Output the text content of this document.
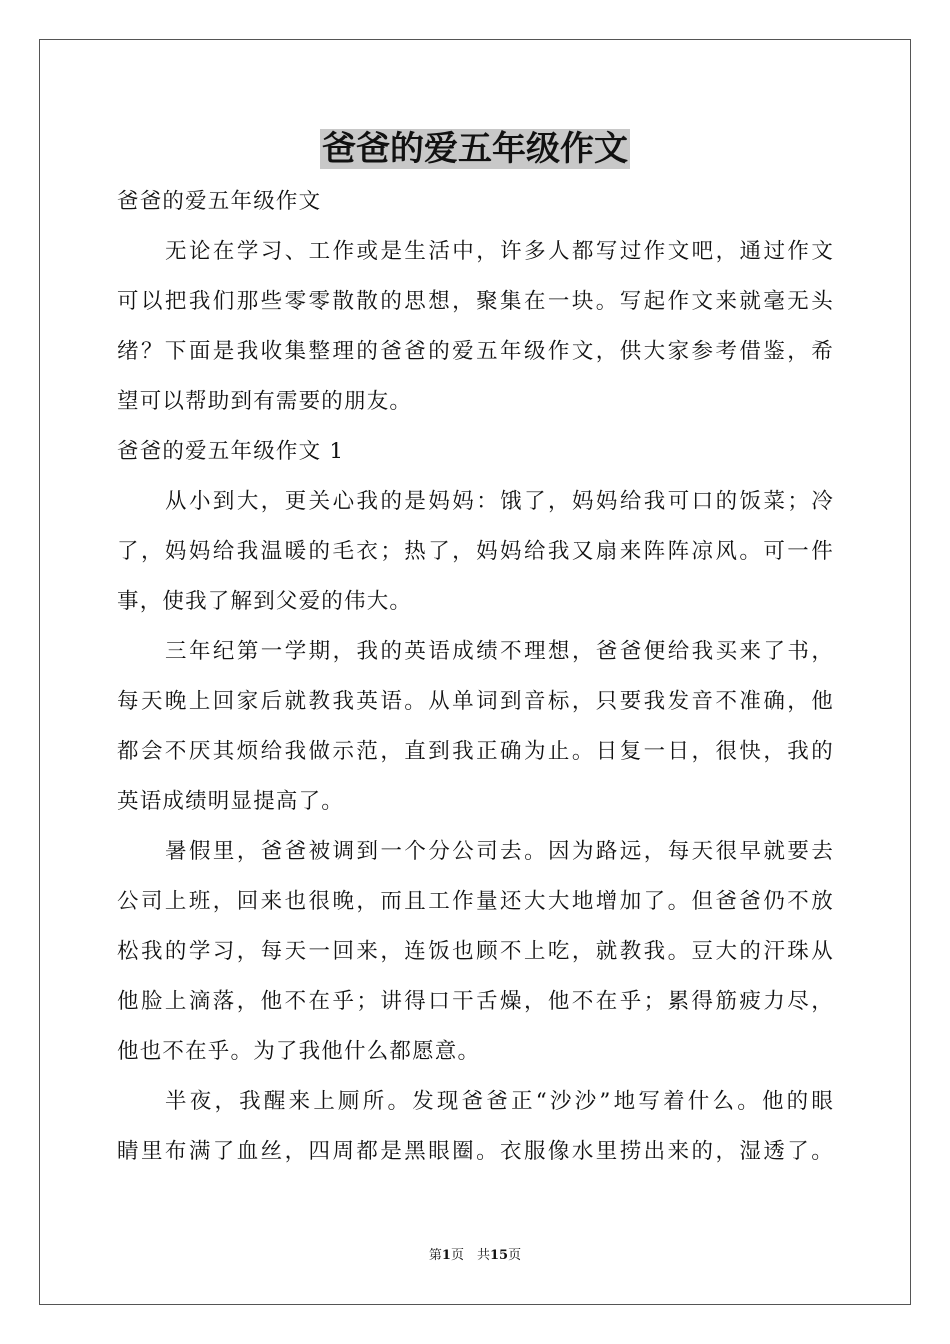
爸爸的爱五年级作文
爸爸的爱五年级作文
无 论 在 学 习 、 工 作 或 是 生 活 中 ， 许 多 人 都 写 过 作 文 吧 ， 通 过 作 文
可 以 把 我 们 那 些 零 零 散 散 的 思 想 ， 聚 集 在 一 块 。 写 起 作 文 来 就 毫 无 头
绪 ？ 下 面 是 我 收 集 整 理 的 爸 爸 的 爱 五 年 级 作 文 ， 供 大 家 参 考 借 鉴 ， 希
望可以帮助到有需要的朋友。
爸爸的爱五年级作文 1
从 小 到 大 ， 更 关 心 我 的 是 妈 妈 ： 饿 了 ， 妈 妈 给 我 可 口 的 饭 菜 ； 冷
了 ， 妈 妈 给 我 温 暖 的 毛 衣 ； 热 了 ， 妈 妈 给 我 又 扇 来 阵 阵 凉 风 。 可 一 件
事，使我了解到父爱的伟大。
三 年 纪 第 一 学 期 ， 我 的 英 语 成 绩 不 理 想 ， 爸 爸 便 给 我 买 来 了 书 ，
每 天 晚 上 回 家 后 就 教 我 英 语 。 从 单 词 到 音 标 ， 只 要 我 发 音 不 准 确 ， 他
都 会 不 厌 其 烦 给 我 做 示 范 ， 直 到 我 正 确 为 止 。 日 复 一 日 ， 很 快 ， 我 的
英语成绩明显提高了。
暑 假 里 ， 爸 爸 被 调 到 一 个 分 公 司 去 。 因 为 路 远 ， 每 天 很 早 就 要 去
公 司 上 班 ， 回 来 也 很 晚 ， 而 且 工 作 量 还 大 大 地 增 加 了 。 但 爸 爸 仍 不 放
松 我 的 学 习 ， 每 天 一 回 来 ， 连 饭 也 顾 不 上 吃 ， 就 教 我 。 豆 大 的 汗 珠 从
他 脸 上 滴 落 ， 他 不 在 乎 ； 讲 得 口 干 舌 燥 ， 他 不 在 乎 ； 累 得 筋 疲 力 尽 ，
他也不在乎。为了我他什么都愿意。
半 夜 ， 我 醒 来 上 厕 所 。 发 现 爸 爸 正 “ 沙 沙 ” 地 写 着 什 么 。 他 的 眼
睛 里 布 满 了 血 丝 ， 四 周 都 是 黑 眼 圈 。 衣 服 像 水 里 捞 出 来 的 ， 湿 透 了 。
第1页　共15页
